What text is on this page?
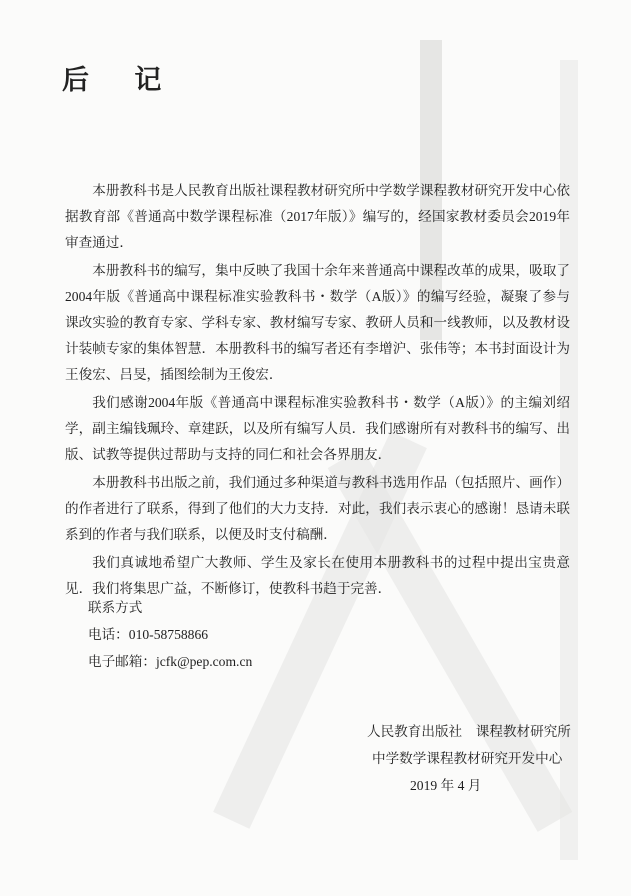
后 记

本册教科书是人民教育出版社课程教材研究所中学数学课程教材研究开发中心依据教育部《普通高中数学课程标准（2017年版）》编写的，经国家教材委员会2019年审查通过．

本册教科书的编写，集中反映了我国十余年来普通高中课程改革的成果，吸取了2004年版《普通高中课程标准实验教科书・数学（A版）》的编写经验，凝聚了参与课改实验的教育专家、学科专家、教材编写专家、教研人员和一线教师，以及教材设计装帧专家的集体智慧．本册教科书的编写者还有李增沪、张伟等；本书封面设计为王俊宏、吕旻，插图绘制为王俊宏．

我们感谢2004年版《普通高中课程标准实验教科书・数学（A版）》的主编刘绍学，副主编钱珮玲、章建跃，以及所有编写人员．我们感谢所有对教科书的编写、出版、试教等提供过帮助与支持的同仁和社会各界朋友．

本册教科书出版之前，我们通过多种渠道与教科书选用作品（包括照片、画作）的作者进行了联系，得到了他们的大力支持．对此，我们表示衷心的感谢！恳请未联系到的作者与我们联系，以便及时支付稿酬．

我们真诚地希望广大教师、学生及家长在使用本册教科书的过程中提出宝贵意见．我们将集思广益，不断修订，使教科书趋于完善．

联系方式
电话：010-58758866
电子邮箱：jcfk@pep.com.cn
人民教育出版社　课程教材研究所
中学数学课程教材研究开发中心
2019 年 4 月
